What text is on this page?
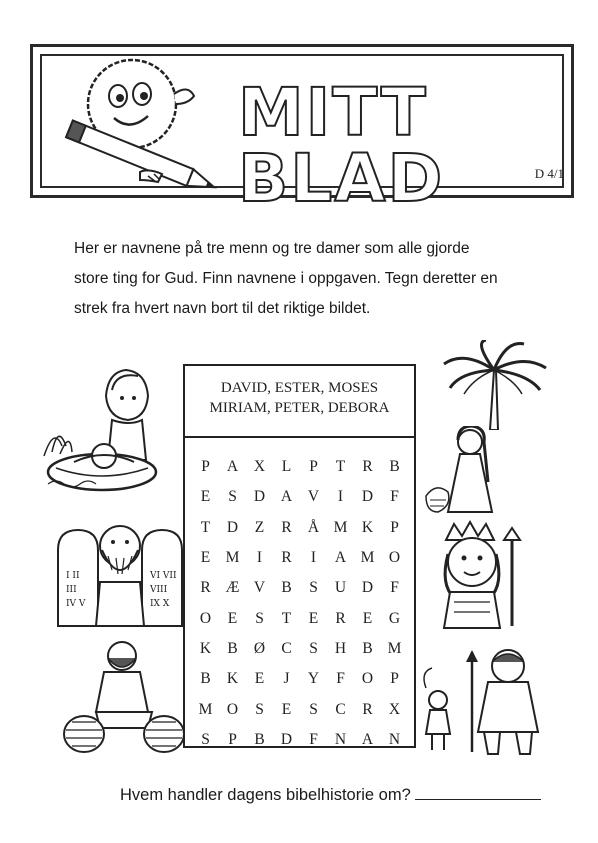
MITT BLAD	D 4/1
Her er navnene på tre menn og tre damer som alle gjorde
store ting for Gud. Finn navnene i oppgaven. Tegn deretter en
strek fra hvert navn bort til det riktige bildet.
DAVID, ESTER, MOSES
MIRIAM, PETER, DEBORA
P	A	X	L	P	T	R	B
E	S	D	A	V	I	D	F
T	D	Z	R	Å M K	P
E M	I	R	I	A M O
R Æ V	B	S	U	D	F
O	E	S	T	E	R	E	G
K	B	Ø	C	S	H	B M
B	K	E	J	Y	F	O	P
M O	S	E	S	C	R	X
S	P	B	D	F	N	A	N
I II
III
IV V
VI VII
VIII
IX X
Hvem handler dagens bibelhistorie om?
